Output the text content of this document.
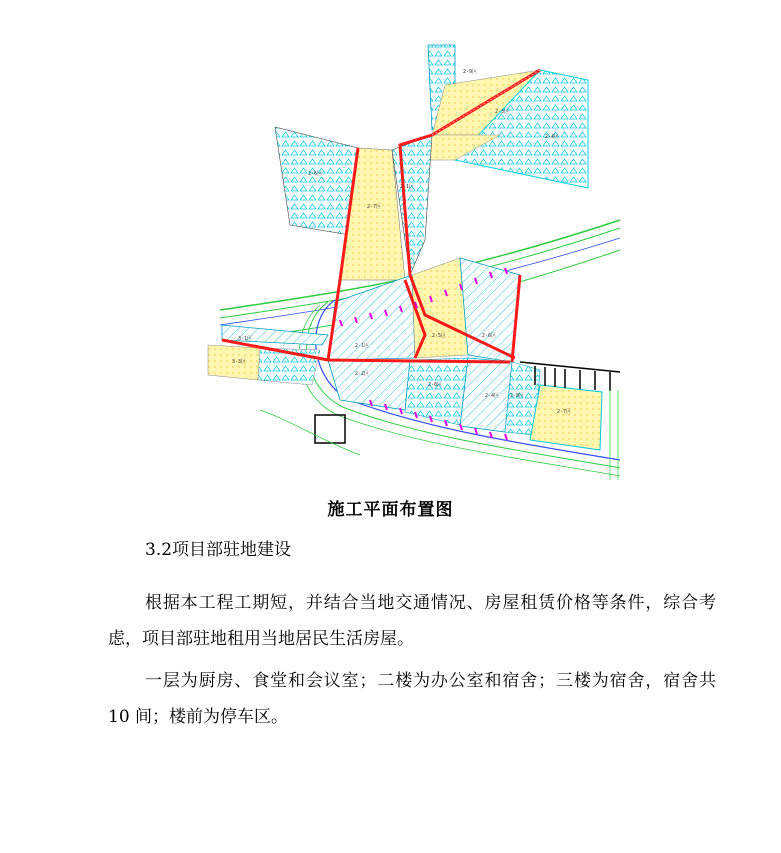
2-9区
2-3区
2-4区
2-6区
2-7区
2-1区
3-1区
3-3区
2-1区
2-5区	2-6区
2-2区
2-8区
2-4区 2-8区
2-7区
施工平面布置图
3.2项目部驻地建设

根据本工程工期短，并结合当地交通情况、房屋租赁价格等条件，综合考虑，项目部驻地租用当地居民生活房屋。

一层为厨房、食堂和会议室；二楼为办公室和宿舍；三楼为宿舍，宿舍共 10 间；楼前为停车区。
